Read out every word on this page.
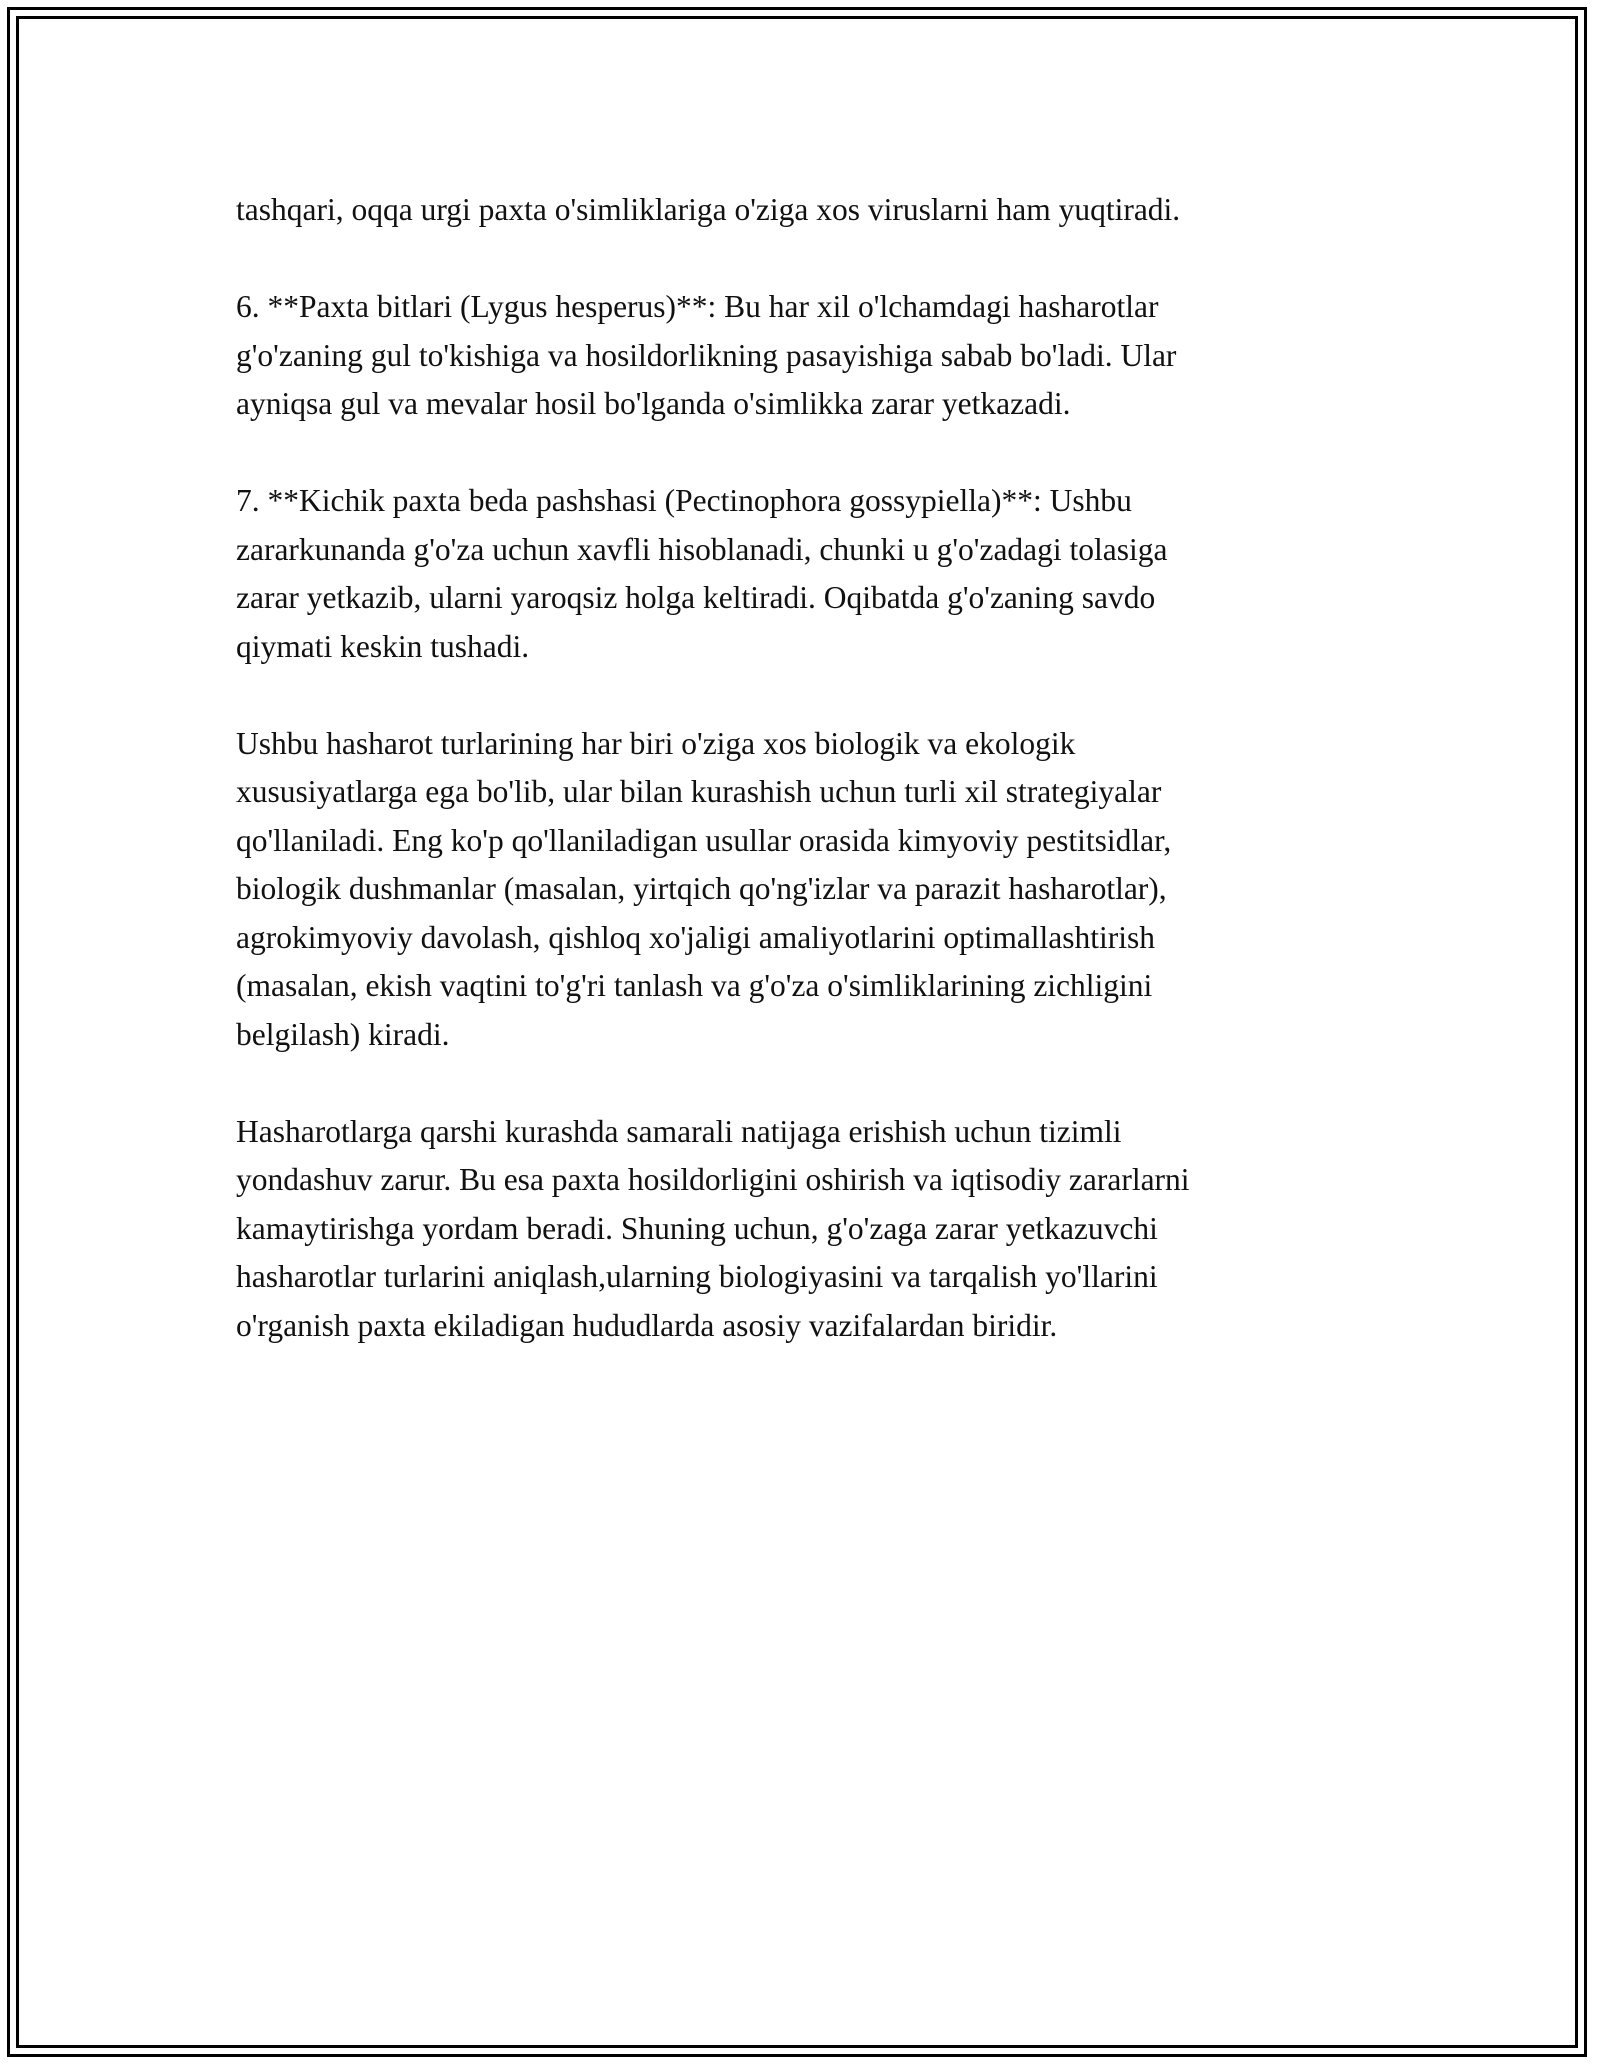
tashqari, oqqa urgi paxta o'simliklariga o'ziga xos viruslarni ham yuqtiradi.

6. **Paxta bitlari (Lygus hesperus)**: Bu har xil o'lchamdagi hasharotlar
g'o'zaning gul to'kishiga va hosildorlikning pasayishiga sabab bo'ladi. Ular
ayniqsa gul va mevalar hosil bo'lganda o'simlikka zarar yetkazadi.

7. **Kichik paxta beda pashshasi (Pectinophora gossypiella)**: Ushbu
zararkunanda g'o'za uchun xavfli hisoblanadi, chunki u g'o'zadagi tolasiga
zarar yetkazib, ularni yaroqsiz holga keltiradi. Oqibatda g'o'zaning savdo
qiymati keskin tushadi.

Ushbu hasharot turlarining har biri o'ziga xos biologik va ekologik
xususiyatlarga ega bo'lib, ular bilan kurashish uchun turli xil strategiyalar
qo'llaniladi. Eng ko'p qo'llaniladigan usullar orasida kimyoviy pestitsidlar,
biologik dushmanlar (masalan, yirtqich qo'ng'izlar va parazit hasharotlar),
agrokimyoviy davolash, qishloq xo'jaligi amaliyotlarini optimallashtirish
(masalan, ekish vaqtini to'g'ri tanlash va g'o'za o'simliklarining zichligini
belgilash) kiradi.

Hasharotlarga qarshi kurashda samarali natijaga erishish uchun tizimli
yondashuv zarur. Bu esa paxta hosildorligini oshirish va iqtisodiy zararlarni
kamaytirishga yordam beradi. Shuning uchun, g'o'zaga zarar yetkazuvchi
hasharotlar turlarini aniqlash,ularning biologiyasini va tarqalish yo'llarini
o'rganish paxta ekiladigan hududlarda asosiy vazifalardan biridir.
